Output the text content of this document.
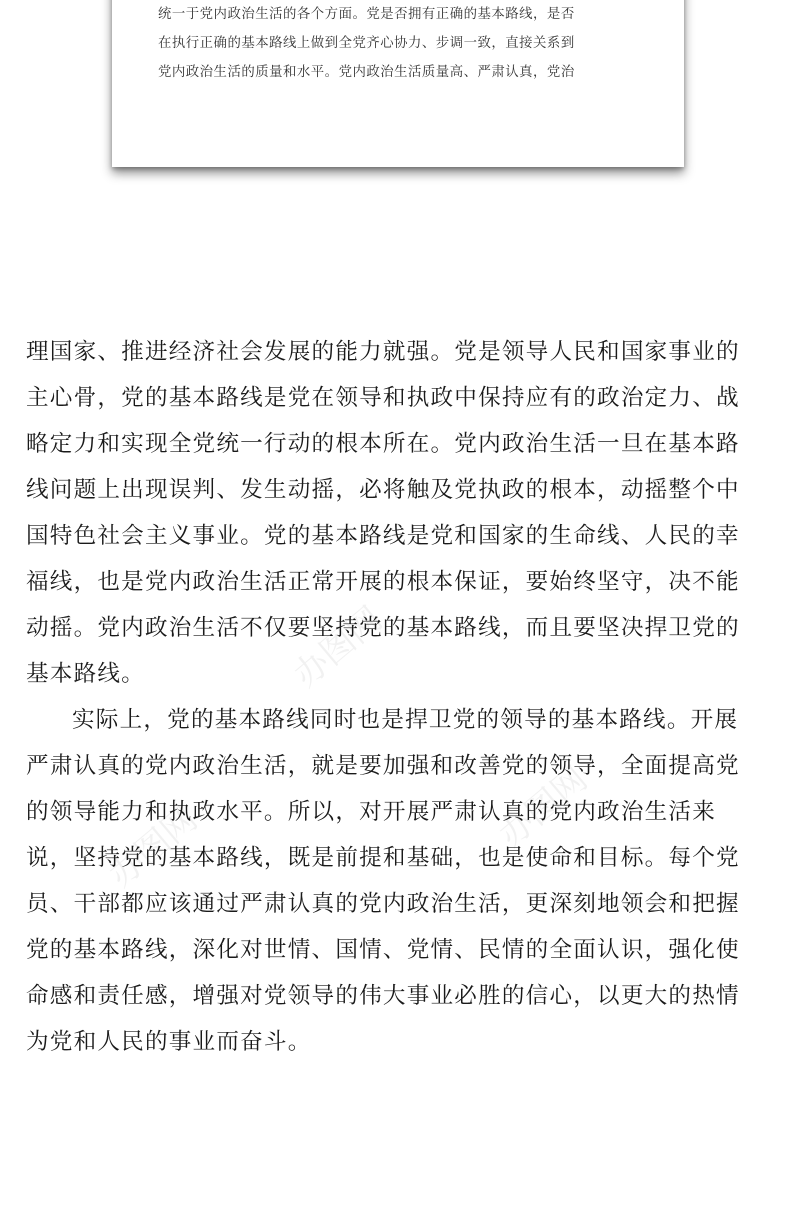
统一于党内政治生活的各个方面。党是否拥有正确的基本路线，是否
在执行正确的基本路线上做到全党齐心协力、步调一致，直接关系到
党内政治生活的质量和水平。党内政治生活质量高、严肃认真，党治
办图网
办图网	办图网
理国家、推进经济社会发展的能力就强。党是领导人民和国家事业的
主心骨，党的基本路线是党在领导和执政中保持应有的政治定力、战
略定力和实现全党统一行动的根本所在。党内政治生活一旦在基本路
线问题上出现误判、发生动摇，必将触及党执政的根本，动摇整个中
国特色社会主义事业。党的基本路线是党和国家的生命线、人民的幸
福线，也是党内政治生活正常开展的根本保证，要始终坚守，决不能
动摇。党内政治生活不仅要坚持党的基本路线，而且要坚决捍卫党的
基本路线。
实际上，党的基本路线同时也是捍卫党的领导的基本路线。开展
严肃认真的党内政治生活，就是要加强和改善党的领导，全面提高党
的领导能力和执政水平。所以，对开展严肃认真的党内政治生活来
说，坚持党的基本路线，既是前提和基础，也是使命和目标。每个党
员、干部都应该通过严肃认真的党内政治生活，更深刻地领会和把握
党的基本路线，深化对世情、国情、党情、民情的全面认识，强化使
命感和责任感，增强对党领导的伟大事业必胜的信心，以更大的热情
为党和人民的事业而奋斗。
